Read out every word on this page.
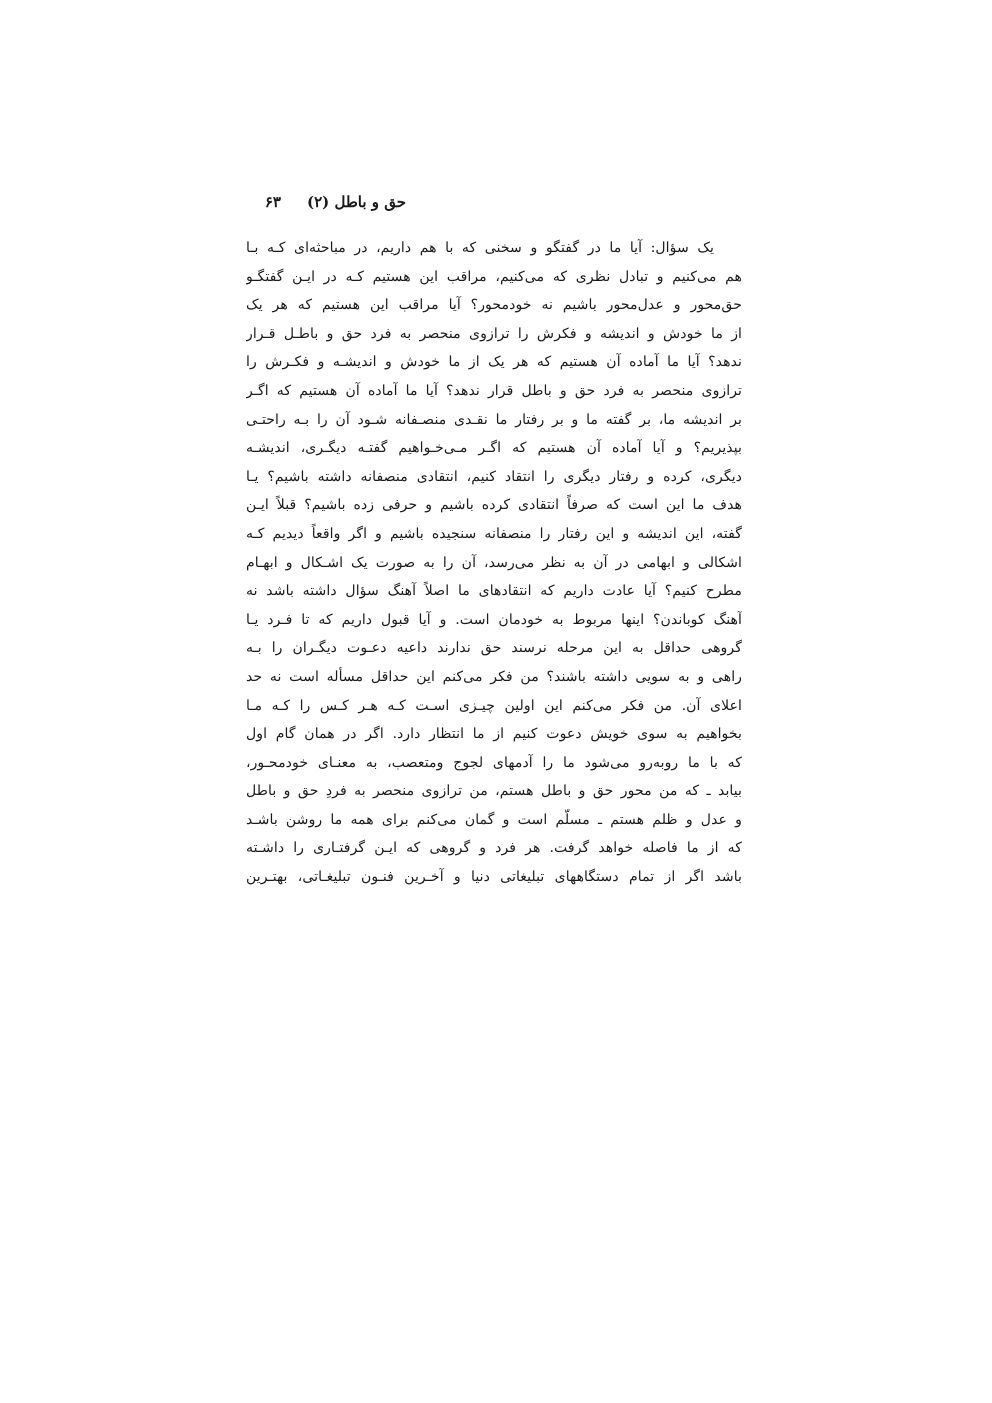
حق و باطل (۲)
۶۳
یک سؤال: آیا ما در گفتگو و سخنی که با هم داریم، در مباحثه‌ای کـه بـا
هم می‌کنیم و تبادل نظری که می‌کنیم، مراقب این هستیم کـه در ایـن گفتگـو
حق‌محور و عدل‌محور باشیم نه خودمحور؟ آیا مراقب این هستیم که هر یک
از ما خودش و اندیشه و فکرش را ترازوی منحصر به فرد حق و باطـل قـرار
ندهد؟ آیا ما آماده آن هستیم که هر یک از ما خودش و اندیشـه و فکـرش را
ترازوی منحصر به فرد حق و باطل قرار ندهد؟ آیا ما آماده آن هستیم که اگـر
بر اندیشه ما، بر گفته ما و بر رفتار ما نقـدی منصـفانه شـود آن را بـه راحتـی
بپذیریم؟ و آیا آماده آن هستیم که اگـر مـی‌خـواهیم گفتـه دیگـری، اندیشـه
دیگری، کرده و رفتار دیگری را انتقاد کنیم، انتقادی منصفانه داشته باشیم؟ یـا
هدف ما این است که صرفاً انتقادی کرده باشیم و حرفی زده باشیم؟ قبلاً ایـن
گفته، این اندیشه و این رفتار را منصفانه سنجیده باشیم و اگر واقعاً دیدیم کـه
اشکالی و ابهامی در آن به نظر می‌رسد، آن را به صورت یک اشـکال و ابهـام
مطرح کنیم؟ آیا عادت داریم که انتقادهای ما اصلاً آهنگ سؤال داشته باشد نه
آهنگ کوباندن؟ اینها مربوط به خودمان است. و آیا قبول داریم که تا فـرد یـا
گروهی حداقل به این مرحله نرسند حق ندارند داعیه دعـوت دیگـران را بـه
راهی و به سویی داشته باشند؟ من فکر می‌کنم این حداقل مسأله است نه حد
اعلای آن. من فکر می‌کنم این اولین چیـزی اسـت کـه هـر کـس را کـه مـا
بخواهیم به سوی خویش دعوت کنیم از ما انتظار دارد. اگر در همان گام اول
که با ما روبه‌رو می‌شود ما را آدمهای لجوج ومتعصب، به معنـای خودمحـور،
بیابد ـ که من محور حق و باطل هستم، من ترازوی منحصر به فردِ حق و باطل
و عدل و ظلم هستم ـ مسلّم است و گمان می‌کنم برای همه ما روشن باشـد
که از ما فاصله خواهد گرفت. هر فرد و گروهی که ایـن گرفتـاری را داشـته
باشد اگر از تمام دستگاههای تبلیغاتی دنیا و آخـرین فنـون تبلیغـاتی، بهتـرین
